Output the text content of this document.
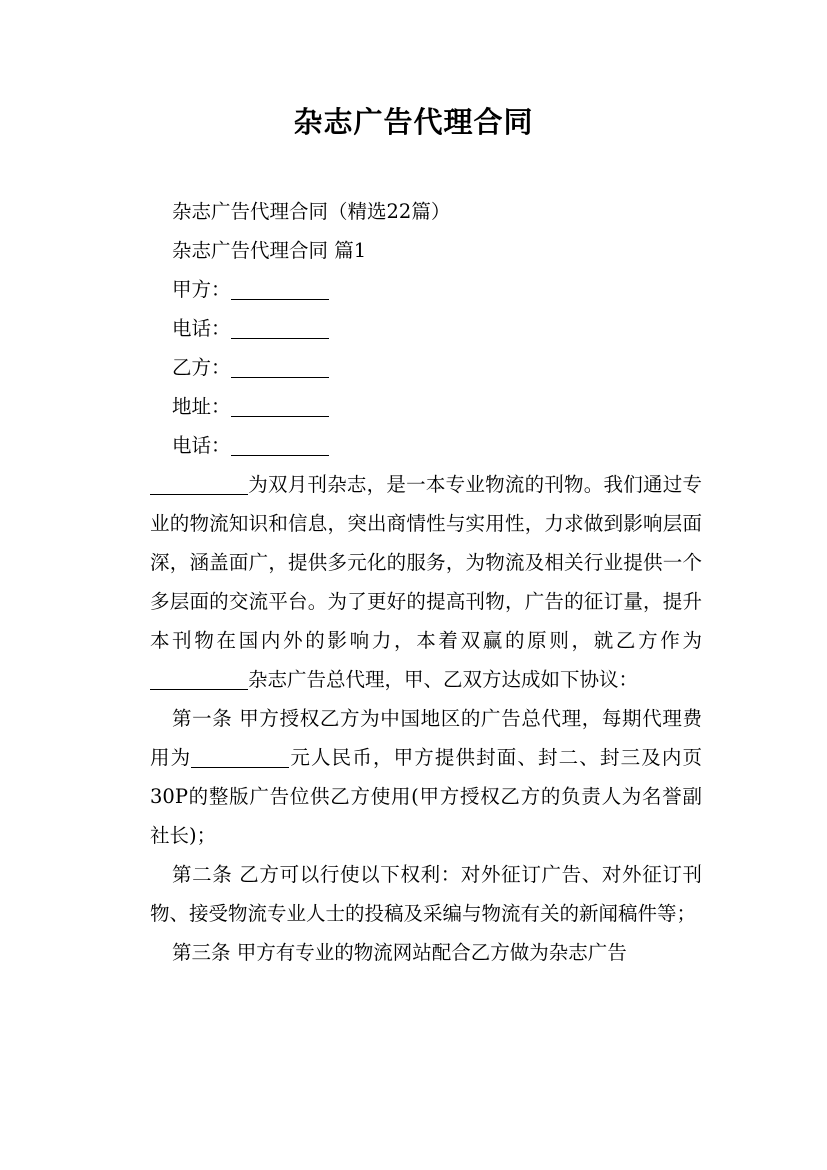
杂志广告代理合同
杂志广告代理合同（精选22篇）
杂志广告代理合同 篇1
甲方：
电话：
乙方：
地址：
电话：
为双月刊杂志，是一本专业物流的刊物。我们通过专业的物流知识和信息，突出商情性与实用性，力求做到影响层面深，涵盖面广，提供多元化的服务，为物流及相关行业提供一个多层面的交流平台。为了更好的提高刊物，广告的征订量，提升本刊物在国内外的影响力，本着双赢的原则，就乙方作为杂志广告总代理，甲、乙双方达成如下协议：
第一条 甲方授权乙方为中国地区的广告总代理，每期代理费用为	元人民币，甲方提供封面、封二、封三及内页30P的整版广告位供乙方使用(甲方授权乙方的负责人为名誉副社长)；
第二条 乙方可以行使以下权利：对外征订广告、对外征订刊物、接受物流专业人士的投稿及采编与物流有关的新闻稿件等；
第三条 甲方有专业的物流网站配合乙方做为杂志广告
